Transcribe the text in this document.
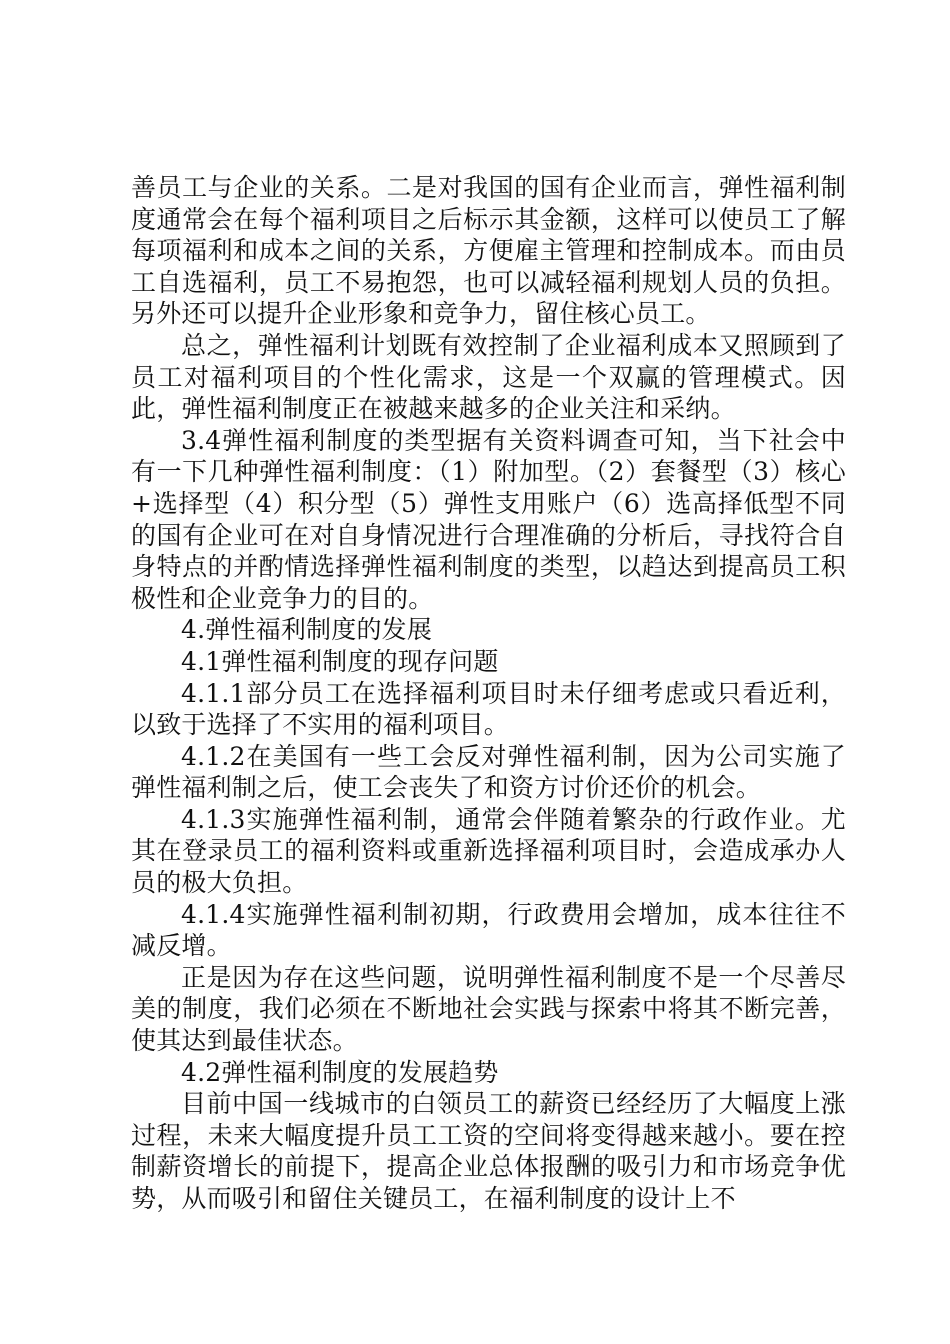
善员工与企业的关系。二是对我国的国有企业而言，弹性福利制度通常会在每个福利项目之后标示其金额，这样可以使员工了解每项福利和成本之间的关系，方便雇主管理和控制成本。而由员工自选福利，员工不易抱怨，也可以减轻福利规划人员的负担。另外还可以提升企业形象和竞争力，留住核心员工。

总之，弹性福利计划既有效控制了企业福利成本又照顾到了员工对福利项目的个性化需求，这是一个双赢的管理模式。因此，弹性福利制度正在被越来越多的企业关注和采纳。

3.4弹性福利制度的类型据有关资料调查可知，当下社会中有一下几种弹性福利制度：（1）附加型。（2）套餐型（3）核心+选择型（4）积分型（5）弹性支用账户（6）选高择低型不同的国有企业可在对自身情况进行合理准确的分析后，寻找符合自身特点的并酌情选择弹性福利制度的类型，以趋达到提高员工积极性和企业竞争力的目的。

4.弹性福利制度的发展

4.1弹性福利制度的现存问题

4.1.1部分员工在选择福利项目时未仔细考虑或只看近利，以致于选择了不实用的福利项目。

4.1.2在美国有一些工会反对弹性福利制，因为公司实施了弹性福利制之后，使工会丧失了和资方讨价还价的机会。

4.1.3实施弹性福利制，通常会伴随着繁杂的行政作业。尤其在登录员工的福利资料或重新选择福利项目时，会造成承办人员的极大负担。

4.1.4实施弹性福利制初期，行政费用会增加，成本往往不减反增。

正是因为存在这些问题，说明弹性福利制度不是一个尽善尽美的制度，我们必须在不断地社会实践与探索中将其不断完善，使其达到最佳状态。

4.2弹性福利制度的发展趋势

目前中国一线城市的白领员工的薪资已经经历了大幅度上涨过程，未来大幅度提升员工工资的空间将变得越来越小。要在控制薪资增长的前提下，提高企业总体报酬的吸引力和市场竞争优势，从而吸引和留住关键员工，在福利制度的设计上不
